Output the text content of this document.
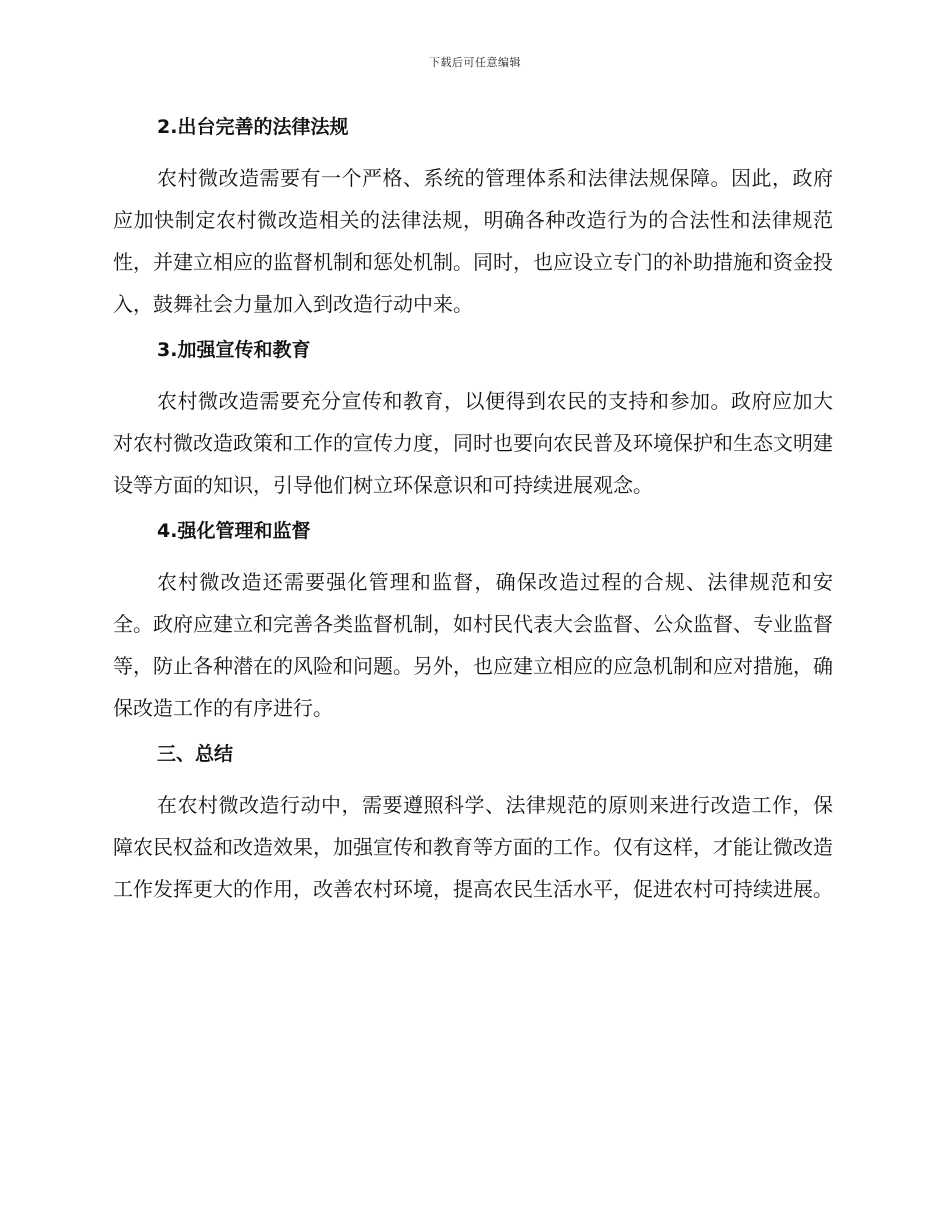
下载后可任意编辑
2.出台完善的法律法规

农村微改造需要有一个严格、系统的管理体系和法律法规保障。因此，政府应加快制定农村微改造相关的法律法规，明确各种改造行为的合法性和法律规范性，并建立相应的监督机制和惩处机制。同时，也应设立专门的补助措施和资金投入，鼓舞社会力量加入到改造行动中来。

3.加强宣传和教育

农村微改造需要充分宣传和教育，以便得到农民的支持和参加。政府应加大对农村微改造政策和工作的宣传力度，同时也要向农民普及环境保护和生态文明建设等方面的知识，引导他们树立环保意识和可持续进展观念。

4.强化管理和监督

农村微改造还需要强化管理和监督，确保改造过程的合规、法律规范和安全。政府应建立和完善各类监督机制，如村民代表大会监督、公众监督、专业监督等，防止各种潜在的风险和问题。另外，也应建立相应的应急机制和应对措施，确保改造工作的有序进行。

三、总结

在农村微改造行动中，需要遵照科学、法律规范的原则来进行改造工作，保障农民权益和改造效果，加强宣传和教育等方面的工作。仅有这样，才能让微改造工作发挥更大的作用，改善农村环境，提高农民生活水平，促进农村可持续进展。
